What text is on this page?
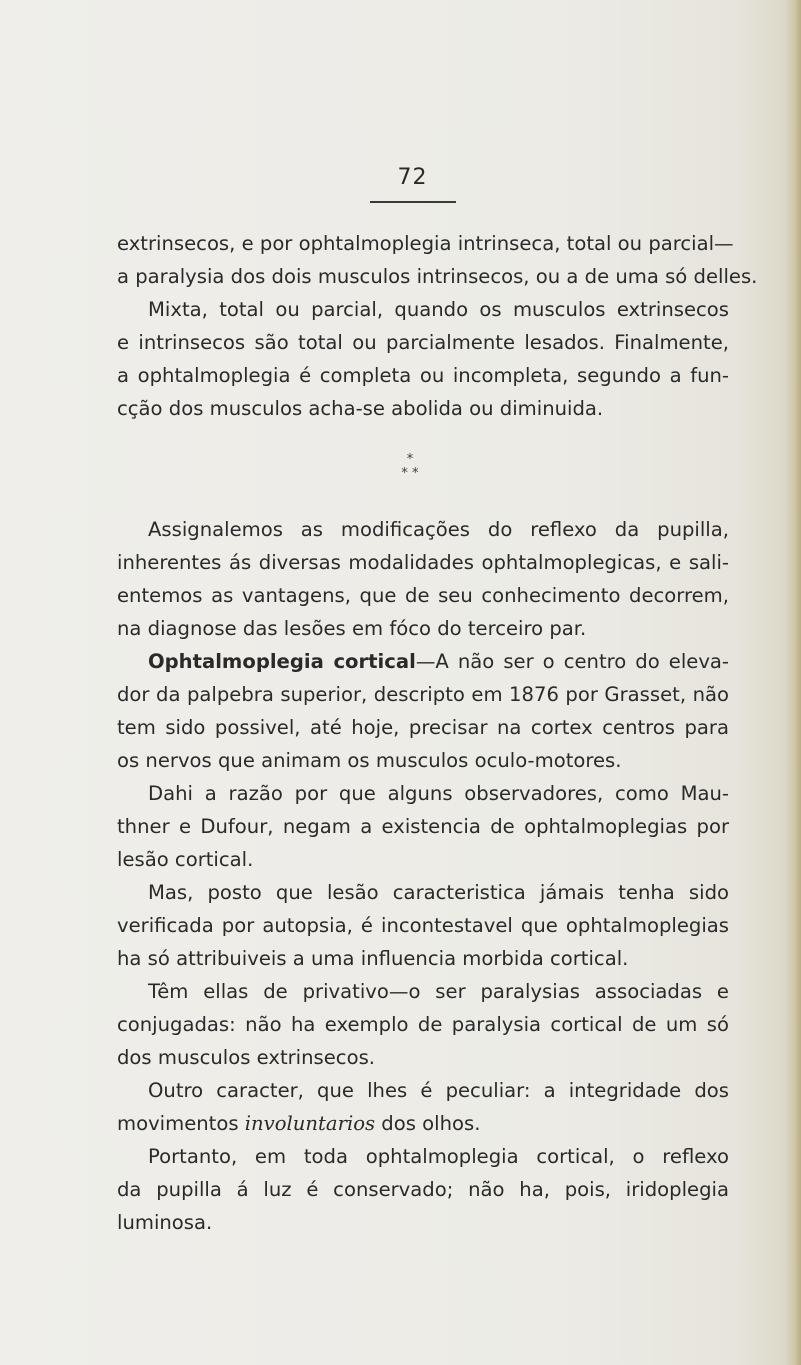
72
extrinsecos, e por ophtalmoplegia intrinseca, total ou parcial—
a paralysia dos dois musculos intrinsecos, ou a de uma só delles.
Mixta, total ou parcial, quando os musculos extrinsecos
e intrinsecos são total ou parcialmente lesados. Finalmente,
a ophtalmoplegia é completa ou incompleta, segundo a fun-
cção dos musculos acha-se abolida ou diminuida.
*
* *
Assignalemos as modificações do reflexo da pupilla,
inherentes ás diversas modalidades ophtalmoplegicas, e sali-
entemos as vantagens, que de seu conhecimento decorrem,
na diagnose das lesões em fóco do terceiro par.
Ophtalmoplegia cortical—A não ser o centro do eleva-
dor da palpebra superior, descripto em 1876 por Grasset, não
tem sido possivel, até hoje, precisar na cortex centros para
os nervos que animam os musculos oculo-motores.
Dahi a razão por que alguns observadores, como Mau-
thner e Dufour, negam a existencia de ophtalmoplegias por
lesão cortical.
Mas, posto que lesão caracteristica jámais tenha sido
verificada por autopsia, é incontestavel que ophtalmoplegias
ha só attribuiveis a uma influencia morbida cortical.
Têm ellas de privativo—o ser paralysias associadas e
conjugadas: não ha exemplo de paralysia cortical de um só
dos musculos extrinsecos.
Outro caracter, que lhes é peculiar: a integridade dos
movimentos involuntarios dos olhos.
Portanto, em toda ophtalmoplegia cortical, o reflexo
da pupilla á luz é conservado; não ha, pois, iridoplegia
luminosa.
